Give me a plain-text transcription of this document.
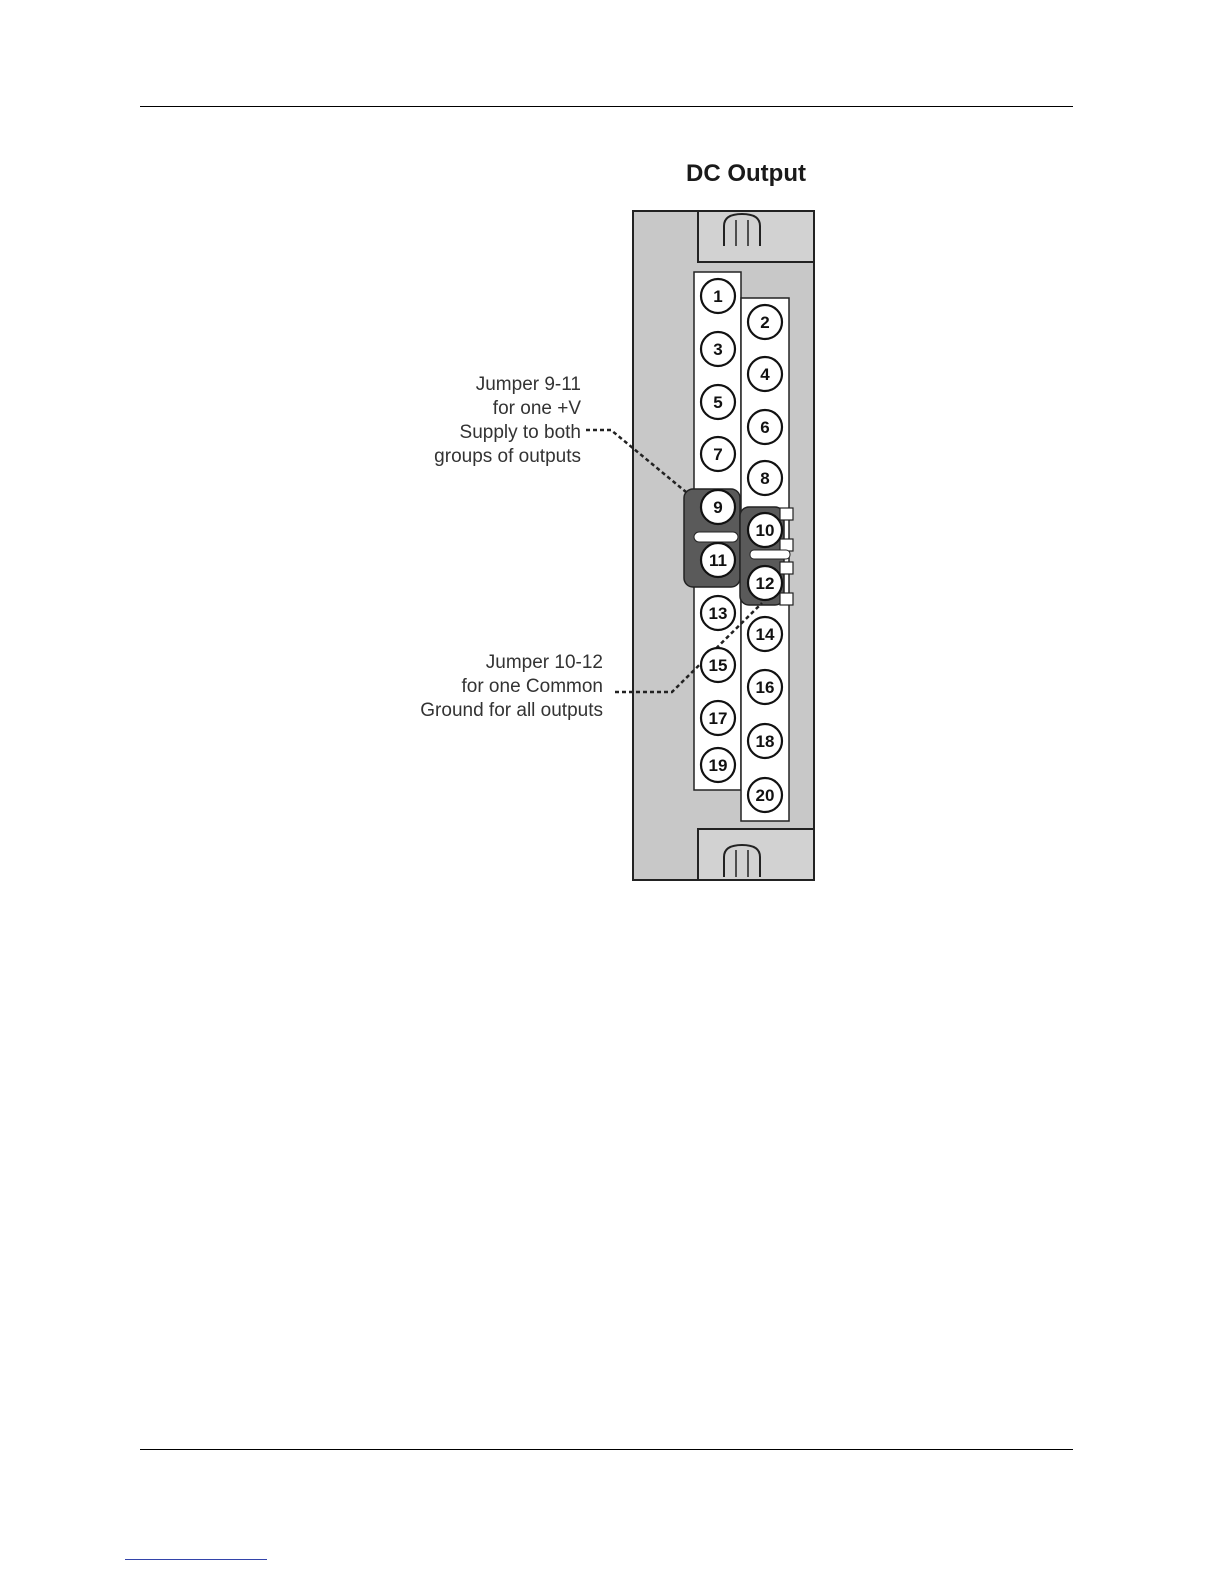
DC Output
Jumper 9-11
for one +V
Supply to both
groups of outputs
Jumper 10-12
for one Common
Ground for all outputs
1
3
5
7
9
11
13
15
17
19
2
4
6
8
10
12
14
16
18
20
